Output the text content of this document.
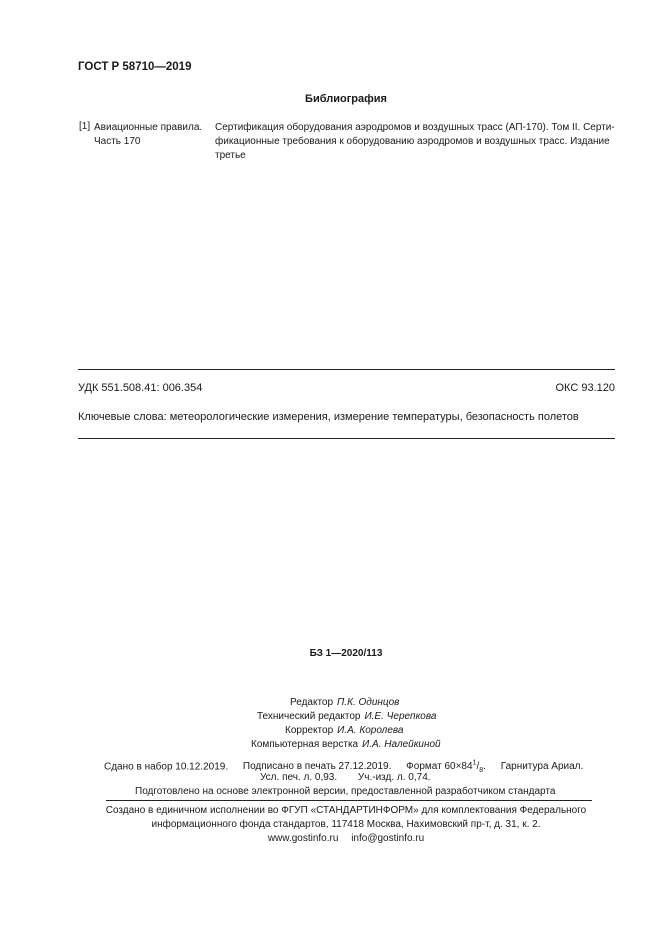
ГОСТ Р 58710—2019
Библиография
[1] Авиационные правила.
Часть 170
Сертификация оборудования аэродромов и воздушных трасс (АП-170). Том II. Серти-
фикационные требования к оборудованию аэродромов и воздушных трасс. Издание
третье
УДК 551.508.41: 006.354	ОКС 93.120
Ключевые слова: метеорологические измерения, измерение температуры, безопасность полетов
БЗ 1—2020/113
Редактор П.К. Одинцов
Технический редактор И.Е. Черепкова
Корректор И.А. Королева
Компьютерная верстка И.А. Налейкиной
Сдано в набор 10.12.2019. Подписано в печать 27.12.2019. Формат $60\times 84^1/_8$. Гарнитура Ариал.
Усл. печ. л. 0,93. Уч.-изд. л. 0,74.
Подготовлено на основе электронной версии, предоставленной разработчиком стандарта
Создано в единичном исполнении во ФГУП «СТАНДАРТИНФОРМ» для комплектования Федерального
информационного фонда стандартов, 117418 Москва, Нахимовский пр-т, д. 31, к. 2.
www.gostinfo.ru info@gostinfo.ru
